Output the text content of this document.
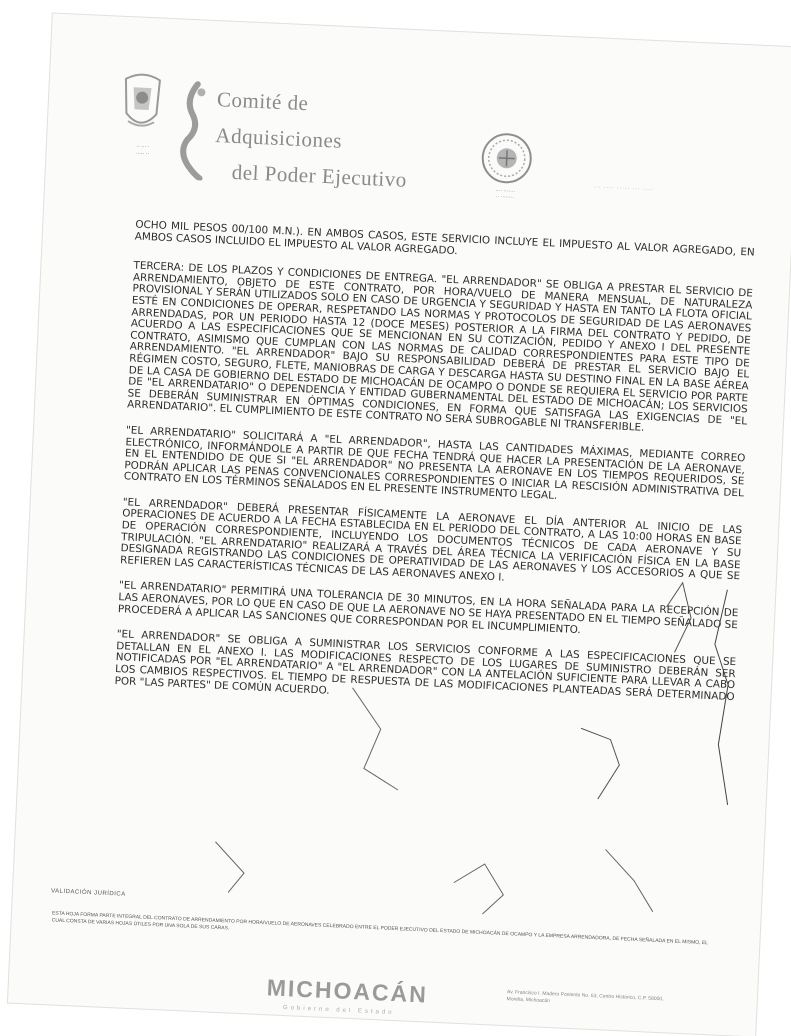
·· ··· ·
····· ··
Comité de
Adquisiciones
del Poder Ejecutivo	···· ·······
·· ········
··· ···· ····· ··· ····

OCHO MIL PESOS 00/100 M.N.). EN AMBOS CASOS, ESTE SERVICIO INCLUYE EL IMPUESTO AL VALOR AGREGADO, EN AMBOS CASOS INCLUIDO EL IMPUESTO AL VALOR AGREGADO.

TERCERA: DE LOS PLAZOS Y CONDICIONES DE ENTREGA. "EL ARRENDADOR" SE OBLIGA A PRESTAR EL SERVICIO DE ARRENDAMIENTO, OBJETO DE ESTE CONTRATO, POR HORA/VUELO DE MANERA MENSUAL, DE NATURALEZA PROVISIONAL Y SERÁN UTILIZADOS SOLO EN CASO DE URGENCIA Y SEGURIDAD Y HASTA EN TANTO LA FLOTA OFICIAL ESTÉ EN CONDICIONES DE OPERAR, RESPETANDO LAS NORMAS Y PROTOCOLOS DE SEGURIDAD DE LAS AERONAVES ARRENDADAS, POR UN PERIODO HASTA 12 (DOCE MESES) POSTERIOR A LA FIRMA DEL CONTRATO Y PEDIDO, DE ACUERDO A LAS ESPECIFICACIONES QUE SE MENCIONAN EN SU COTIZACIÓN, PEDIDO Y ANEXO I DEL PRESENTE CONTRATO, ASIMISMO QUE CUMPLAN CON LAS NORMAS DE CALIDAD CORRESPONDIENTES PARA ESTE TIPO DE ARRENDAMIENTO. "EL ARRENDADOR" BAJO SU RESPONSABILIDAD DEBERÁ DE PRESTAR EL SERVICIO BAJO EL RÉGIMEN COSTO, SEGURO, FLETE, MANIOBRAS DE CARGA Y DESCARGA HASTA SU DESTINO FINAL EN LA BASE AÉREA DE LA CASA DE GOBIERNO DEL ESTADO DE MICHOACÁN DE OCAMPO O DONDE SE REQUIERA EL SERVICIO POR PARTE DE "EL ARRENDATARIO" O DEPENDENCIA Y ENTIDAD GUBERNAMENTAL DEL ESTADO DE MICHOACÁN; LOS SERVICIOS SE DEBERÁN SUMINISTRAR EN ÓPTIMAS CONDICIONES, EN FORMA QUE SATISFAGA LAS EXIGENCIAS DE "EL ARRENDATARIO". EL CUMPLIMIENTO DE ESTE CONTRATO NO SERÁ SUBROGABLE NI TRANSFERIBLE.

"EL ARRENDATARIO" SOLICITARÁ A "EL ARRENDADOR", HASTA LAS CANTIDADES MÁXIMAS, MEDIANTE CORREO ELECTRÓNICO, INFORMÁNDOLE A PARTIR DE QUE FECHA TENDRÁ QUE HACER LA PRESENTACIÓN DE LA AERONAVE, EN EL ENTENDIDO DE QUE SI "EL ARRENDADOR" NO PRESENTA LA AERONAVE EN LOS TIEMPOS REQUERIDOS, SE PODRÁN APLICAR LAS PENAS CONVENCIONALES CORRESPONDIENTES O INICIAR LA RESCISIÓN ADMINISTRATIVA DEL CONTRATO EN LOS TÉRMINOS SEÑALADOS EN EL PRESENTE INSTRUMENTO LEGAL.

"EL ARRENDADOR" DEBERÁ PRESENTAR FÍSICAMENTE LA AERONAVE EL DÍA ANTERIOR AL INICIO DE LAS OPERACIONES DE ACUERDO A LA FECHA ESTABLECIDA EN EL PERIODO DEL CONTRATO, A LAS 10:00 HORAS EN BASE DE OPERACIÓN CORRESPONDIENTE, INCLUYENDO LOS DOCUMENTOS TÉCNICOS DE CADA AERONAVE Y SU TRIPULACIÓN. "EL ARRENDATARIO" REALIZARÁ A TRAVÉS DEL ÁREA TÉCNICA LA VERIFICACIÓN FÍSICA EN LA BASE DESIGNADA REGISTRANDO LAS CONDICIONES DE OPERATIVIDAD DE LAS AERONAVES Y LOS ACCESORIOS A QUE SE REFIEREN LAS CARACTERÍSTICAS TÉCNICAS DE LAS AERONAVES ANEXO I.

"EL ARRENDATARIO" PERMITIRÁ UNA TOLERANCIA DE 30 MINUTOS, EN LA HORA SEÑALADA PARA LA RECEPCIÓN DE LAS AERONAVES, POR LO QUE EN CASO DE QUE LA AERONAVE NO SE HAYA PRESENTADO EN EL TIEMPO SEÑALADO SE PROCEDERÁ A APLICAR LAS SANCIONES QUE CORRESPONDAN POR EL INCUMPLIMIENTO.

"EL ARRENDADOR" SE OBLIGA A SUMINISTRAR LOS SERVICIOS CONFORME A LAS ESPECIFICACIONES QUE SE DETALLAN EN EL ANEXO I. LAS MODIFICACIONES RESPECTO DE LOS LUGARES DE SUMINISTRO DEBERÁN SER NOTIFICADAS POR "EL ARRENDATARIO" A "EL ARRENDADOR" CON LA ANTELACIÓN SUFICIENTE PARA LLEVAR A CABO LOS CAMBIOS RESPECTIVOS. EL TIEMPO DE RESPUESTA DE LAS MODIFICACIONES PLANTEADAS SERÁ DETERMINADO POR "LAS PARTES" DE COMÚN ACUERDO.

VALIDACIÓN JURÍDICA
ESTA HOJA FORMA PARTE INTEGRAL DEL CONTRATO DE ARRENDAMIENTO POR HORA/VUELO DE AERONAVES CELEBRADO ENTRE EL PODER EJECUTIVO DEL ESTADO DE MICHOACÁN DE OCAMPO Y LA EMPRESA ARRENDADORA, DE FECHA SEÑALADA EN EL MISMO, EL CUAL CONSTA DE VARIAS HOJAS ÚTILES POR UNA SOLA DE SUS CARAS.
MICHOACÁN
Gobierno del Estado
Av. Francisco I. Madero Poniente No. 63, Centro Histórico, C.P. 58000, Morelia, Michoacán
